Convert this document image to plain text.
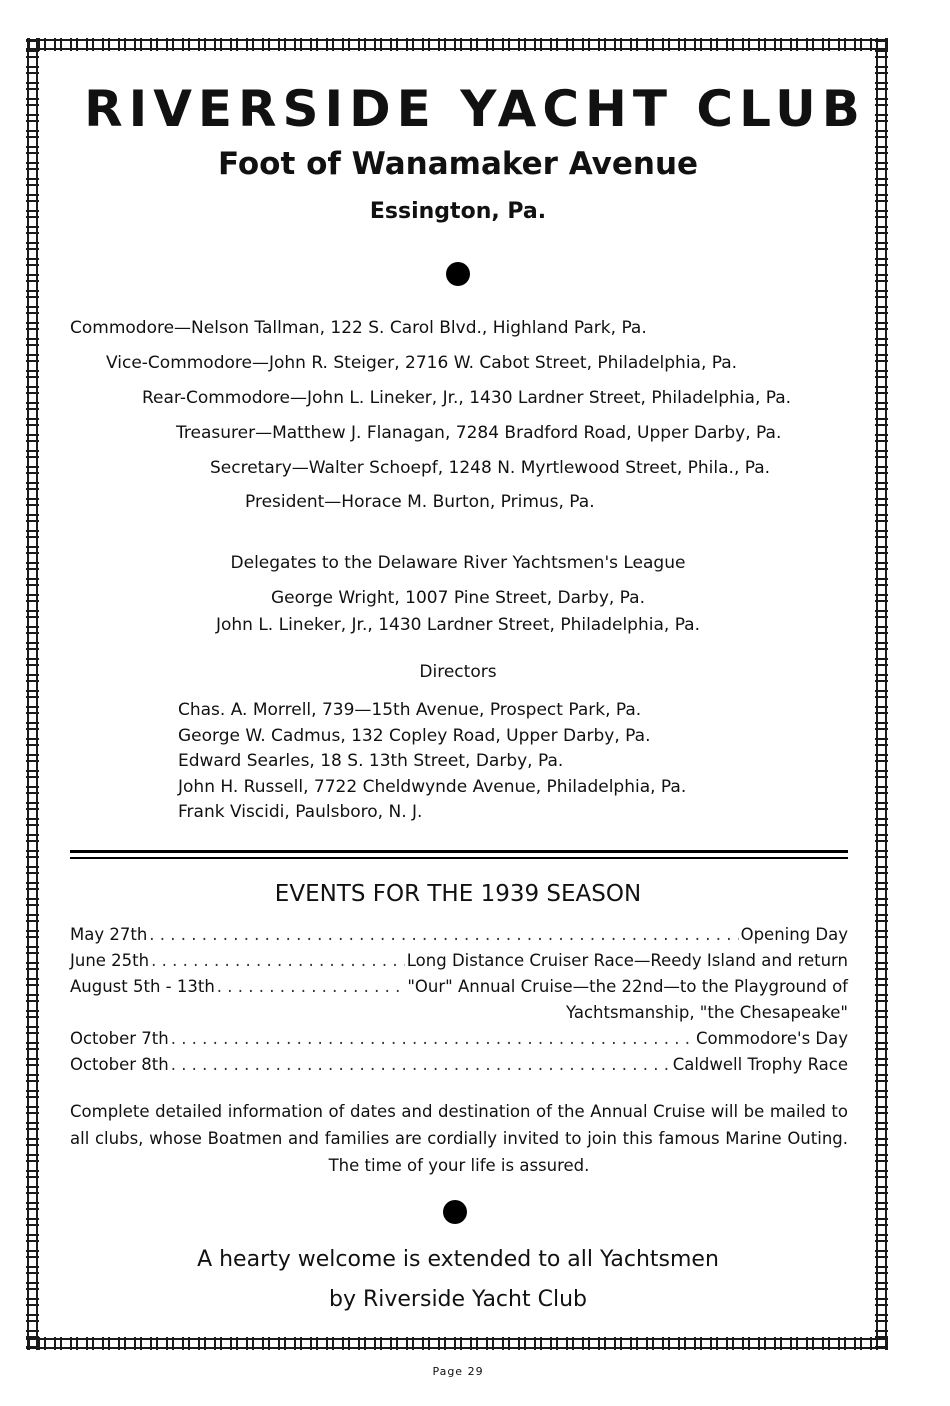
RIVERSIDE YACHT CLUB
Foot of Wanamaker Avenue
Essington, Pa.
Commodore—Nelson Tallman, 122 S. Carol Blvd., Highland Park, Pa.
Vice-Commodore—John R. Steiger, 2716 W. Cabot Street, Philadelphia, Pa.
Rear-Commodore—John L. Lineker, Jr., 1430 Lardner Street, Philadelphia, Pa.
Treasurer—Matthew J. Flanagan, 7284 Bradford Road, Upper Darby, Pa.
Secretary—Walter Schoepf, 1248 N. Myrtlewood Street, Phila., Pa.
President—Horace M. Burton, Primus, Pa.
Delegates to the Delaware River Yachtsmen's League
George Wright, 1007 Pine Street, Darby, Pa.
John L. Lineker, Jr., 1430 Lardner Street, Philadelphia, Pa.
Directors
Chas. A. Morrell, 739—15th Avenue, Prospect Park, Pa.
George W. Cadmus, 132 Copley Road, Upper Darby, Pa.
Edward Searles, 18 S. 13th Street, Darby, Pa.
John H. Russell, 7722 Cheldwynde Avenue, Philadelphia, Pa.
Frank Viscidi, Paulsboro, N. J.
EVENTS FOR THE 1939 SEASON
May 27th . . .	Opening Day
June 25th . . .	Long Distance Cruiser Race—Reedy Island and return
August 5th - 13th . . .	"Our" Annual Cruise—the 22nd—to the Playground of
Yachtsmanship, "the Chesapeake"
October 7th . . .	Commodore's Day
October 8th . . .	Caldwell Trophy Race
Complete detailed information of dates and destination of the Annual Cruise will be mailed to all clubs, whose Boatmen and families are cordially invited to join this famous Marine Outing. The time of your life is assured.
A hearty welcome is extended to all Yachtsmen
by Riverside Yacht Club
Page 29
